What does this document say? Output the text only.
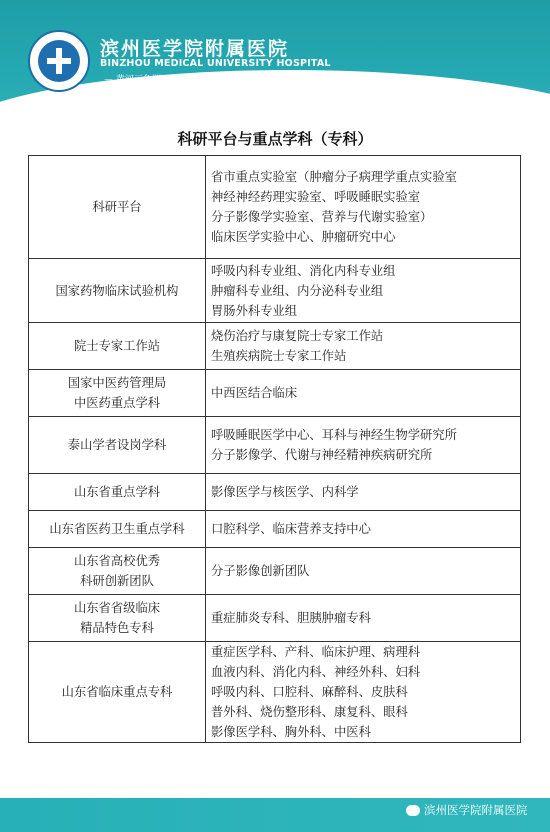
滨州医学院附属医院
BINZHOU MEDICAL UNIVERSITY HOSPITAL
— 黄河三角洲区域医疗中心 —
科研平台与重点学科（专科）
科研平台	省市重点实验室（肿瘤分子病理学重点实验室
神经神经药理实验室、呼吸睡眠实验室
分子影像学实验室、营养与代谢实验室）
临床医学实验中心、肿瘤研究中心

国家药物临床试验机构	呼吸内科专业组、消化内科专业组
肿瘤科专业组、内分泌科专业组
胃肠外科专业组

院士专家工作站	烧伤治疗与康复院士专家工作站
生殖疾病院士专家工作站

国家中医药管理局
中医药重点学科	中西医结合临床

泰山学者设岗学科	呼吸睡眠医学中心、耳科与神经生物学研究所
分子影像学、代谢与神经精神疾病研究所

山东省重点学科	影像医学与核医学、内科学

山东省医药卫生重点学科	口腔科学、临床营养支持中心

山东省高校优秀
科研创新团队	分子影像创新团队

山东省省级临床
精品特色专科	重症肺炎专科、胆胰肿瘤专科

山东省临床重点专科	重症医学科、产科、临床护理、病理科
血液内科、消化内科、神经外科、妇科
呼吸内科、口腔科、麻醉科、皮肤科
普外科、烧伤整形科、康复科、眼科
影像医学科、胸外科、中医科
仁心仁术
滨州医学院附属医院
